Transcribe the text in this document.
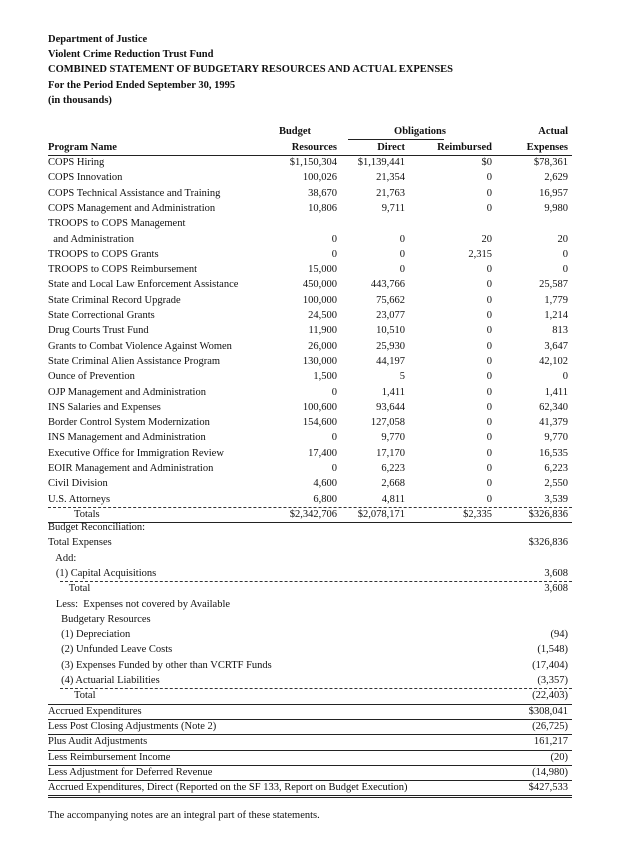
Department of Justice
Violent Crime Reduction Trust Fund
COMBINED STATEMENT OF BUDGETARY RESOURCES AND ACTUAL EXPENSES
For the Period Ended September 30, 1995
(in thousands)
Budget	Obligations	Actual
Program Name	Resources	Direct	Reimbursed	Expenses
COPS Hiring	$1,150,304	$1,139,441	$0	$78,361
COPS Innovation	100,026	21,354	0	2,629
COPS Technical Assistance and Training	38,670	21,763	0	16,957
COPS Management and Administration	10,806	9,711	0	9,980
TROOPS to COPS Management
and Administration	0	0	20	20
TROOPS to COPS Grants	0	0	2,315	0
TROOPS to COPS Reimbursement	15,000	0	0	0
State and Local Law Enforcement Assistance	450,000	443,766	0	25,587
State Criminal Record Upgrade	100,000	75,662	0	1,779
State Correctional Grants	24,500	23,077	0	1,214
Drug Courts Trust Fund	11,900	10,510	0	813
Grants to Combat Violence Against Women	26,000	25,930	0	3,647
State Criminal Alien Assistance Program	130,000	44,197	0	42,102
Ounce of Prevention	1,500	5	0	0
OJP Management and Administration	0	1,411	0	1,411
INS Salaries and Expenses	100,600	93,644	0	62,340
Border Control System Modernization	154,600	127,058	0	41,379
INS Management and Administration	0	9,770	0	9,770
Executive Office for Immigration Review	17,400	17,170	0	16,535
EOIR Management and Administration	0	6,223	0	6,223
Civil Division	4,600	2,668	0	2,550
U.S. Attorneys	6,800	4,811	0	3,539
Totals	$2,342,706	$2,078,171	$2,335	$326,836
Budget Reconciliation:
Total Expenses	$326,836
Add:
(1) Capital Acquisitions	3,608
Total	3,608
Less:  Expenses not covered by Available
Budgetary Resources
(1) Depreciation	(94)
(2) Unfunded Leave Costs	(1,548)
(3) Expenses Funded by other than VCRTF Funds	(17,404)
(4) Actuarial Liabilities	(3,357)
Total	(22,403)
Accrued Expenditures	$308,041
Less Post Closing Adjustments (Note 2)	(26,725)
Plus Audit Adjustments	161,217
Less Reimbursement Income	(20)
Less Adjustment for Deferred Revenue	(14,980)
Accrued Expenditures, Direct (Reported on the SF 133, Report on Budget Execution)	$427,533
The accompanying notes are an integral part of these statements.
